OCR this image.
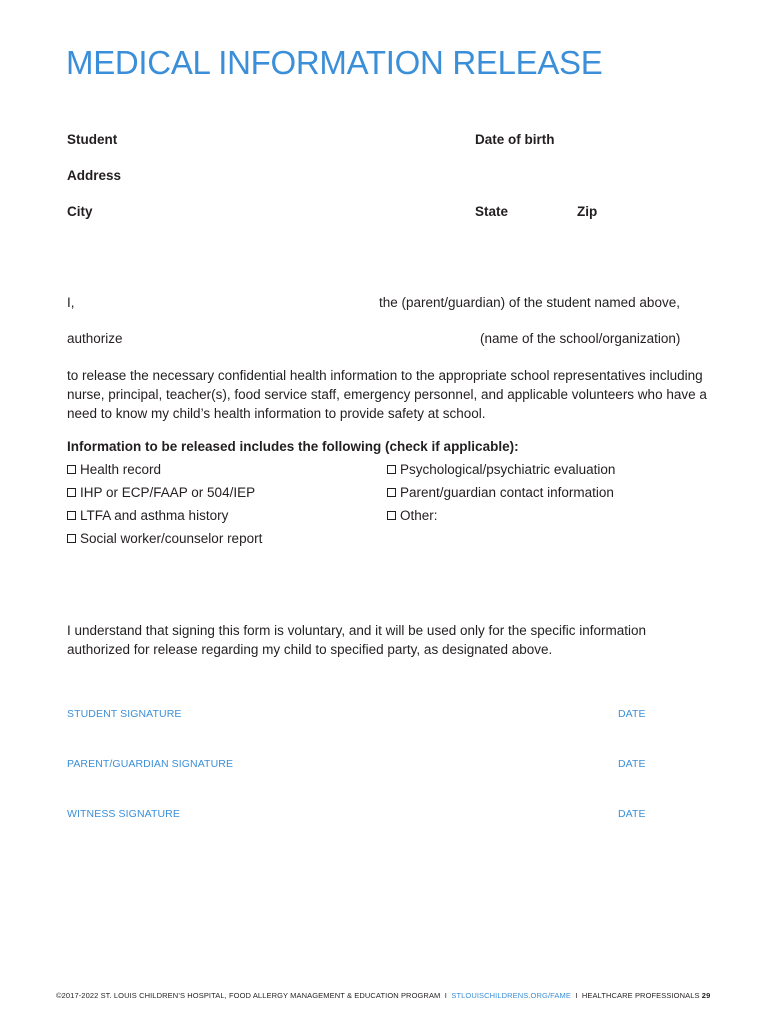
MEDICAL INFORMATION RELEASE
Student	Date of birth
Address
City	State	Zip
I,	the (parent/guardian) of the student named above,
authorize	(name of the school/organization)
to release the necessary confidential health information to the appropriate school representatives including nurse, principal, teacher(s), food service staff, emergency personnel, and applicable volunteers who have a need to know my child’s health information to provide safety at school.
Information to be released includes the following (check if applicable):
Health record
IHP or ECP/FAAP or 504/IEP
LTFA and asthma history
Social worker/counselor report
Psychological/psychiatric evaluation
Parent/guardian contact information
Other:
I understand that signing this form is voluntary, and it will be used only for the specific information authorized for release regarding my child to specified party, as designated above.
STUDENT SIGNATURE	DATE
PARENT/GUARDIAN SIGNATURE	DATE
WITNESS SIGNATURE	DATE
©2017-2022 ST. LOUIS CHILDREN’S HOSPITAL, FOOD ALLERGY MANAGEMENT & EDUCATION PROGRAM I STLOUISCHILDRENS.ORG/FAME I HEALTHCARE PROFESSIONALS 29
